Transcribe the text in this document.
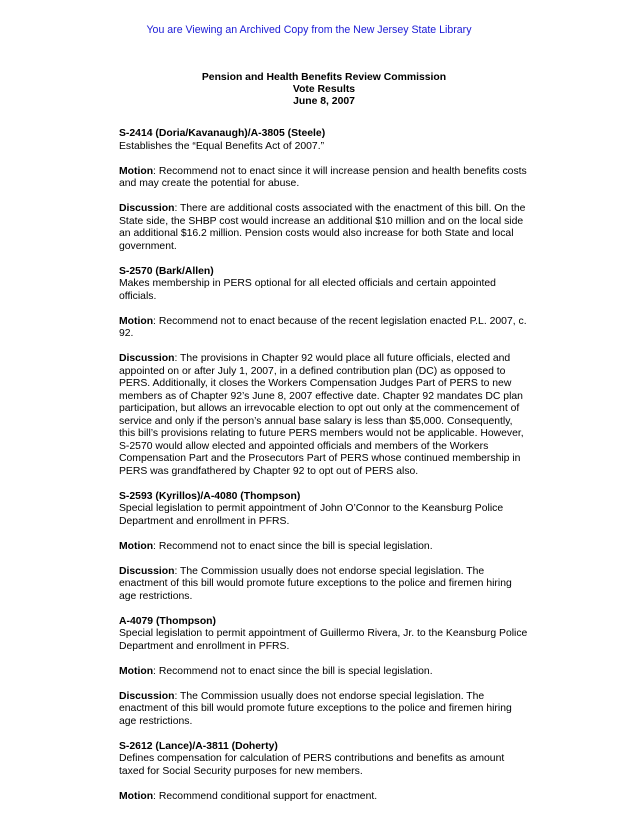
You are Viewing an Archived Copy from the New Jersey State Library
Pension and Health Benefits Review Commission
Vote Results
June 8, 2007

S-2414 (Doria/Kavanaugh)/A-3805 (Steele)
Establishes the “Equal Benefits Act of 2007.”

Motion: Recommend not to enact since it will increase pension and health benefits costs and may create the potential for abuse.

Discussion: There are additional costs associated with the enactment of this bill. On the State side, the SHBP cost would increase an additional $10 million and on the local side an additional $16.2 million. Pension costs would also increase for both State and local government.

S-2570 (Bark/Allen)
Makes membership in PERS optional for all elected officials and certain appointed officials.

Motion: Recommend not to enact because of the recent legislation enacted P.L. 2007, c. 92.

Discussion: The provisions in Chapter 92 would place all future officials, elected and appointed on or after July 1, 2007, in a defined contribution plan (DC) as opposed to PERS. Additionally, it closes the Workers Compensation Judges Part of PERS to new members as of Chapter 92’s June 8, 2007 effective date. Chapter 92 mandates DC plan participation, but allows an irrevocable election to opt out only at the commencement of service and only if the person’s annual base salary is less than $5,000. Consequently, this bill’s provisions relating to future PERS members would not be applicable. However, S-2570 would allow elected and appointed officials and members of the Workers Compensation Part and the Prosecutors Part of PERS whose continued membership in PERS was grandfathered by Chapter 92 to opt out of PERS also.

S-2593 (Kyrillos)/A-4080 (Thompson)
Special legislation to permit appointment of John O’Connor to the Keansburg Police Department and enrollment in PFRS.

Motion: Recommend not to enact since the bill is special legislation.

Discussion: The Commission usually does not endorse special legislation. The enactment of this bill would promote future exceptions to the police and firemen hiring age restrictions.

A-4079 (Thompson)
Special legislation to permit appointment of Guillermo Rivera, Jr. to the Keansburg Police Department and enrollment in PFRS.

Motion: Recommend not to enact since the bill is special legislation.

Discussion: The Commission usually does not endorse special legislation. The enactment of this bill would promote future exceptions to the police and firemen hiring age restrictions.

S-2612 (Lance)/A-3811 (Doherty)
Defines compensation for calculation of PERS contributions and benefits as amount taxed for Social Security purposes for new members.

Motion: Recommend conditional support for enactment.
